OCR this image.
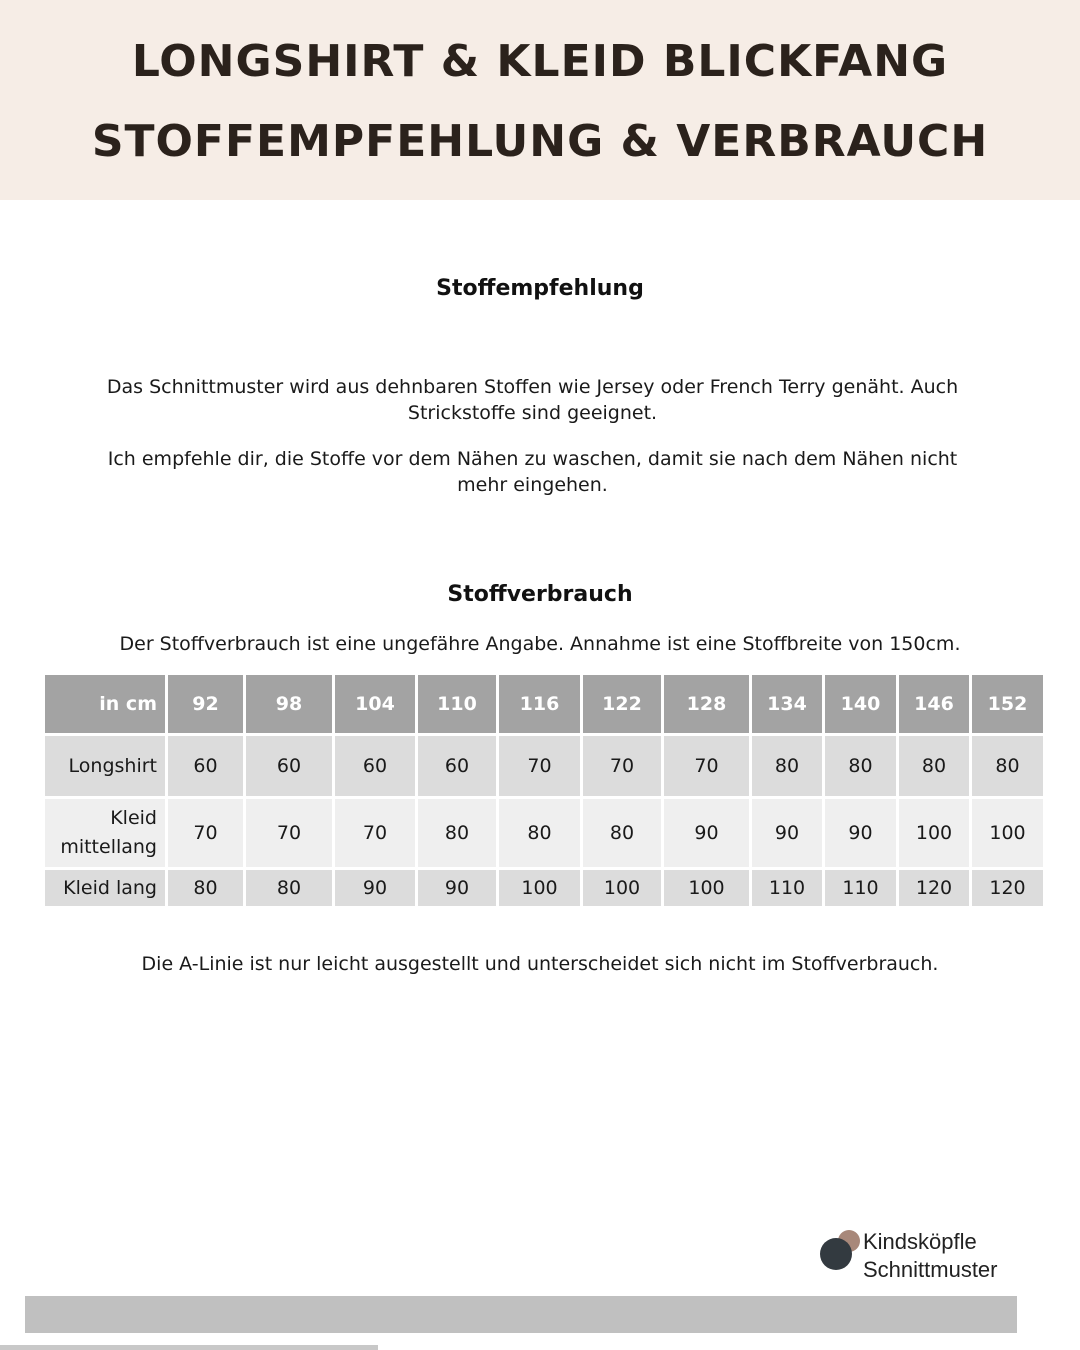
LONGSHIRT & KLEID BLICKFANG
STOFFEMPFEHLUNG & VERBRAUCH
Stoffempfehlung
Das Schnittmuster wird aus dehnbaren Stoffen wie Jersey oder French Terry genäht. Auch Strickstoffe sind geeignet.
Ich empfehle dir, die Stoffe vor dem Nähen zu waschen, damit sie nach dem Nähen nicht mehr eingehen.
Stoffverbrauch
Der Stoffverbrauch ist eine ungefähre Angabe. Annahme ist eine Stoffbreite von 150cm.
in cm	92	98	104	110	116	122	128	134	140	146	152
Longshirt	60	60	60	60	70	70	70	80	80	80	80
Kleid
mittellang	70	70	70	80	80	80	90	90	90	100	100
Kleid lang	80	80	90	90	100	100	100	110	110	120	120
Die A-Linie ist nur leicht ausgestellt und unterscheidet sich nicht im Stoffverbrauch.
Kindsköpfle
Schnittmuster
